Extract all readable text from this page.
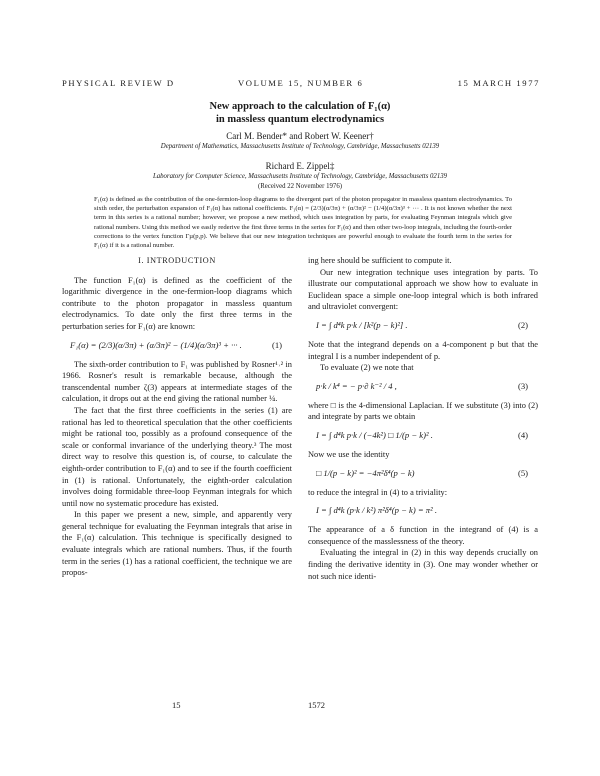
PHYSICAL REVIEW D	VOLUME 15, NUMBER 6	15 MARCH 1977
New approach to the calculation of F₁(α)
in massless quantum electrodynamics
Carl M. Bender* and Robert W. Keener†
Department of Mathematics, Massachusetts Institute of Technology, Cambridge, Massachusetts 02139
Richard E. Zippel‡
Laboratory for Computer Science, Massachusetts Institute of Technology, Cambridge, Massachusetts 02139
(Received 22 November 1976)
F₁(α) is defined as the contribution of the one-fermion-loop diagrams to the divergent part of the photon propagator in massless quantum electrodynamics. To sixth order, the perturbation expansion of F₁(α) has rational coefficients. F₁(α) = (2/3)(α/3π) + (α/3π)² − (1/4)(α/3π)³ + ··· . It is not known whether the next term in this series is a rational number; however, we propose a new method, which uses integration by parts, for evaluating Feynman integrals which give rational numbers. Using this method we easily rederive the first three terms in the series for F₁(α) and then other two-loop integrals, including the fourth-order corrections to the vertex function Γµ(p,p). We believe that our new integration techniques are powerful enough to evaluate the fourth term in the series for F₁(α) if it is a rational number.
I. INTRODUCTION

The function F₁(α) is defined as the coefficient of the logarithmic divergence in the one-fermion-loop diagrams which contribute to the photon propagator in massless quantum electrodynamics. To date only the first three terms in the perturbation series for F₁(α) are known:

F₁(α) = (2/3)(α/3π) + (α/3π)² − (1/4)(α/3π)³ + ··· .	(1)

The sixth-order contribution to F₁ was published by Rosner¹˒² in 1966. Rosner's result is remarkable because, although the transcendental number ζ(3) appears at intermediate stages of the calculation, it drops out at the end giving the rational number ¼.

The fact that the first three coefficients in the series (1) are rational has led to theoretical speculation that the other coefficients might be rational too, possibly as a profound consequence of the scale or conformal invariance of the underlying theory.³ The most direct way to resolve this question is, of course, to calculate the eighth-order contribution to F₁(α) and to see if the fourth coefficient in (1) is rational. Unfortunately, the eighth-order calculation involves doing formidable three-loop Feynman integrals for which until now no systematic procedure has existed.

In this paper we present a new, simple, and apparently very general technique for evaluating the Feynman integrals that arise in the F₁(α) calculation. This technique is specifically designed to evaluate integrals which are rational numbers. Thus, if the fourth term in the series (1) has a rational coefficient, the technique we are propos-

ing here should be sufficient to compute it.

Our new integration technique uses integration by parts. To illustrate our computational approach we show how to evaluate in Euclidean space a simple one-loop integral which is both infrared and ultraviolet convergent:

I = ∫ d⁴k p·k / [k²(p − k)²] .	(2)

Note that the integrand depends on a 4-component p but that the integral I is a number independent of p.

To evaluate (2) we note that

p·k / k⁴ = − p·∂ k⁻² / 4 ,	(3)

where □ is the 4-dimensional Laplacian. If we substitute (3) into (2) and integrate by parts we obtain

I = ∫ d⁴k p·k / (−4k²) □ 1/(p − k)² .	(4)

Now we use the identity

□ 1/(p − k)² = −4π²δ⁴(p − k)	(5)

to reduce the integral in (4) to a triviality:

I = ∫ d⁴k (p·k / k²) π²δ⁴(p − k) = π² .

The appearance of a δ function in the integrand of (4) is a consequence of the masslessness of the theory.

Evaluating the integral in (2) in this way depends crucially on finding the derivative identity in (3). One may wonder whether or not such nice identi-

15	1572
